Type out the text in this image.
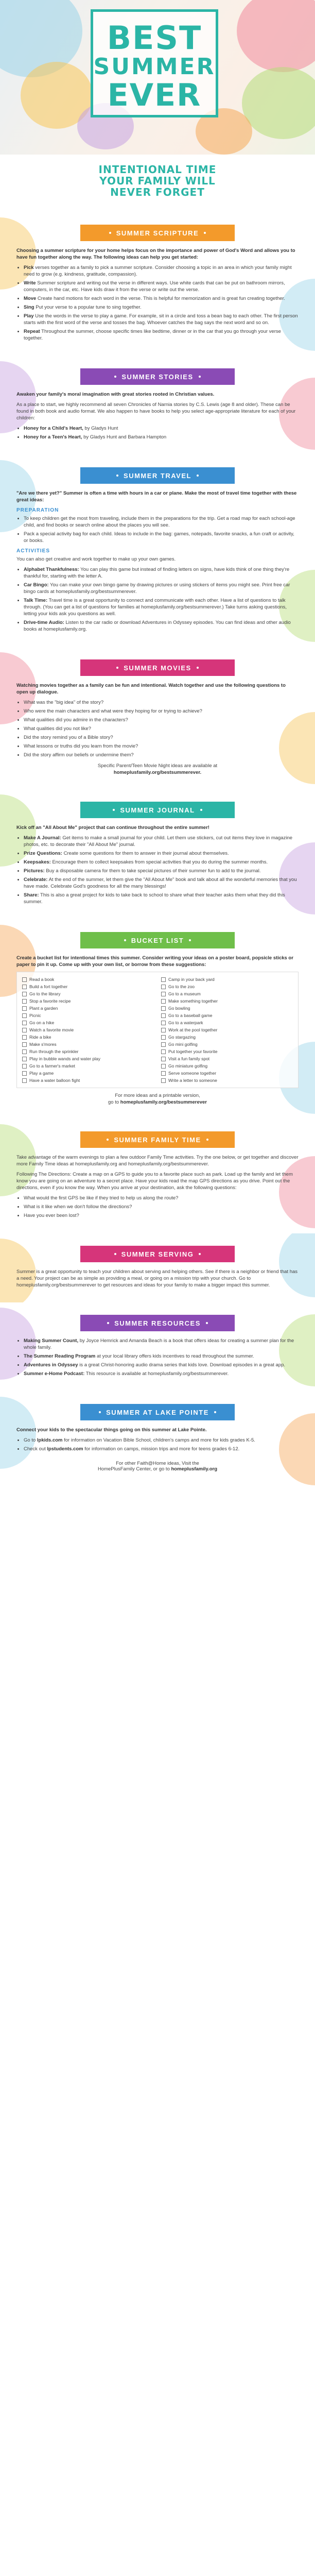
BEST
SUMMER
EVER
INTENTIONAL TIME
YOUR FAMILY WILL
NEVER FORGET
SUMMER SCRIPTURE

Choosing a summer scripture for your home helps focus on the importance and power of God's Word and allows you to have fun together along the way. The following ideas can help you get started:

• Pick verses together as a family to pick a summer scripture. Consider choosing a topic in an area in which your family might need to grow (e.g. kindness, gratitude, compassion).
• Write Summer scripture and writing out the verse in different ways. Use white cards that can be put on bathroom mirrors, computers, in the car, etc. Have kids draw it from the verse or write out the verse.
• Move Create hand motions for each word in the verse. This is helpful for memorization and is great fun creating together.
• Sing Put your verse to a popular tune to sing together.
• Play Use the words in the verse to play a game. For example, sit in a circle and toss a bean bag to each other. The first person starts with the first word of the verse and tosses the bag. Whoever catches the bag says the next word and so on.
• Repeat Throughout the summer, choose specific times like bedtime, dinner or in the car that you go through your verse together.
SUMMER STORIES

Awaken your family's moral imagination with great stories rooted in Christian values.

As a place to start, we highly recommend all seven Chronicles of Narnia stories by C.S. Lewis (age 8 and older). These can be found in both book and audio format. We also happen to have books to help you select age-appropriate literature for each of your children:

• Honey for a Child's Heart, by Gladys Hunt
• Honey for a Teen's Heart, by Gladys Hunt and Barbara Hampton
SUMMER TRAVEL

"Are we there yet?" Summer is often a time with hours in a car or plane. Make the most of travel time together with these great ideas:

PREPARATION
• To keep children get the most from traveling, include them in the preparations for the trip. Get a road map for each school-age child, and find books or search online about the places you will see.
• Pack a special activity bag for each child. Ideas to include in the bag: games, notepads, favorite snacks, a fun craft or activity, or books.
ACTIVITIES

You can also get creative and work together to make up your own games.

• Alphabet Thankfulness: You can play this game but instead of finding letters on signs, have kids think of one thing they're thankful for, starting with the letter A.
• Car Bingo: You can make your own bingo game by drawing pictures or using stickers of items you might see. Print free car bingo cards at homeplusfamily.org/bestsummerever.
• Talk Time: Travel time is a great opportunity to connect and communicate with each other. Have a list of questions to talk through. (You can get a list of questions for families at homeplusfamily.org/bestsummerever.) Take turns asking questions, letting your kids ask you questions as well.
• Drive-time Audio: Listen to the car radio or download Adventures in Odyssey episodes. You can find ideas and other audio books at homeplusfamily.org.
SUMMER MOVIES

Watching movies together as a family can be fun and intentional. Watch together and use the following questions to open up dialogue.

• What was the "big idea" of the story?
• Who were the main characters and what were they hoping for or trying to achieve?
• What qualities did you admire in the characters?
• What qualities did you not like?
• Did the story remind you of a Bible story?
• What lessons or truths did you learn from the movie?
• Did the story affirm our beliefs or undermine them?
Specific Parent/Teen Movie Night ideas are available at
homeplusfamily.org/bestsummerever.
SUMMER JOURNAL

Kick off an "All About Me" project that can continue throughout the entire summer!

• Make A Journal: Get items to make a small journal for your child. Let them use stickers, cut out items they love in magazine photos, etc. to decorate their "All About Me" journal.
• Prize Questions: Create some questions for them to answer in their journal about themselves.
• Keepsakes: Encourage them to collect keepsakes from special activities that you do during the summer months.
• Pictures: Buy a disposable camera for them to take special pictures of their summer fun to add to the journal.
• Celebrate: At the end of the summer, let them give the "All About Me" book and talk about all the wonderful memories that you have made. Celebrate God's goodness for all the many blessings!
• Share: This is also a great project for kids to take back to school to share what their teacher asks them what they did this summer.
BUCKET LIST

Create a bucket list for intentional times this summer. Consider writing your ideas on a poster board, popsicle sticks or paper to pin it up. Come up with your own list, or borrow from these suggestions:

Read a book	Camp in your back yard
Build a fort together	Go to the zoo
Go to the library	Go to a museum
Stop a favorite recipe	Make something together
Plant a garden	Go bowling
Picnic	Go to a baseball game
Go on a hike	Go to a waterpark
Watch a favorite movie	Work at the pool together
Ride a bike	Go stargazing
Make s'mores	Go mini golfing
Run through the sprinkler	Put together your favorite
Play in bubble wands and water play	Visit a fun family spot
Go to a farmer's market	Go miniature golfing
Play a game	Serve someone together
Have a water balloon fight	Write a letter to someone
For more ideas and a printable version,
go to homeplusfamily.org/bestsummerever
SUMMER FAMILY TIME

Take advantage of the warm evenings to plan a few outdoor Family Time activities. Try the one below, or get together and discover more Family Time ideas at homeplusfamily.org and homeplusfamily.org/bestsummerever.

Following The Directions: Create a map on a GPS to guide you to a favorite place such as park. Load up the family and let them know you are going on an adventure to a secret place. Have your kids read the map GPS directions as you drive. Point out the directions, even if you know the way. When you arrive at your destination, ask the following questions:

• What would the first GPS be like if they tried to help us along the route?
• What is it like when we don't follow the directions?
• Have you ever been lost?
SUMMER SERVING

Summer is a great opportunity to teach your children about serving and helping others. See if there is a neighbor or friend that has a need. Your project can be as simple as providing a meal, or going on a mission trip with your church. Go to homeplusfamily.org/bestsummerever to get resources and ideas for your family to make a bigger impact this summer.

SUMMER RESOURCES
• Making Summer Count, by Joyce Hemrick and Amanda Beach is a book that offers ideas for creating a summer plan for the whole family.
• The Summer Reading Program at your local library offers kids incentives to read throughout the summer.
• Adventures in Odyssey is a great Christ-honoring audio drama series that kids love. Download episodes in a great app.
• Summer e-Home Podcast: This resource is available at homeplusfamily.org/bestsummerever.
SUMMER AT LAKE POINTE

Connect your kids to the spectacular things going on this summer at Lake Pointe.

• Go to lpkids.com for information on Vacation Bible School, children's camps and more for kids grades K-5.
• Check out lpstudents.com for information on camps, mission trips and more for teens grades 6-12.
For other Faith@Home ideas, Visit the
HomePlusFamily Center, or go to homeplusfamily.org
